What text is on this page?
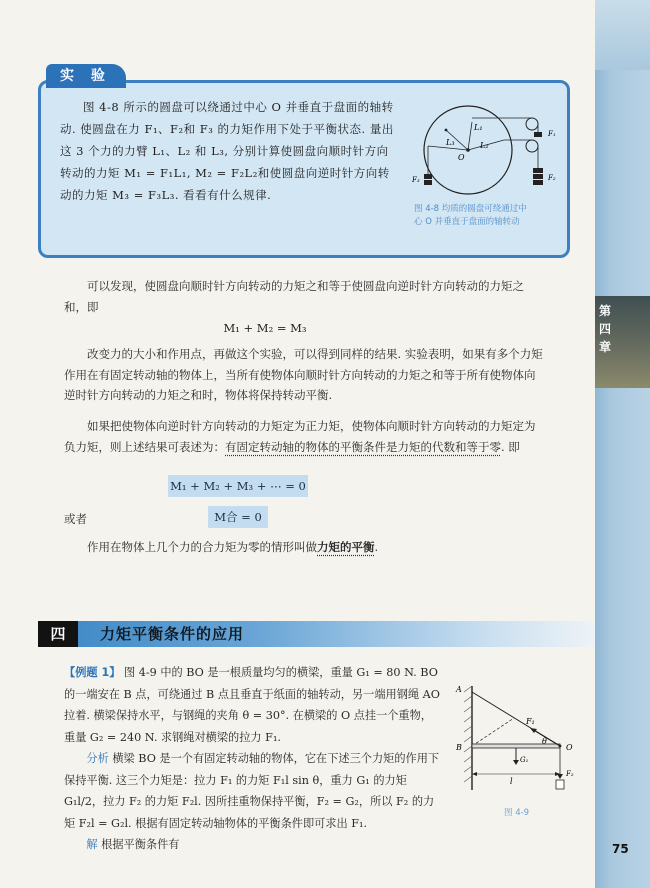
第
四
章
实 验

图 4-8 所示的圆盘可以绕通过中心 O 并垂直于盘面的轴转动. 使圆盘在力 F₁、F₂和 F₃ 的力矩作用下处于平衡状态. 量出这 3 个力的力臂 L₁、L₂ 和 L₃, 分别计算使圆盘向顺时针方向转动的力矩 M₁ = F₁L₁, M₂ = F₂L₂和使圆盘向逆时针方向转动的力矩 M₃ = F₃L₃. 看看有什么规律.

L₁
L₂
L₃
O
F₁
F₂
F₃
图 4-8 均质的圆盘可绕通过中
心 O 并垂直于盘面的轴转动
可以发现，使圆盘向顺时针方向转动的力矩之和等于使圆盘向逆时针方向转动的力矩之和，即
M₁ + M₂ = M₃
改变力的大小和作用点，再做这个实验，可以得到同样的结果. 实验表明，如果有多个力矩作用在有固定转动轴的物体上，当所有使物体向顺时针方向转动的力矩之和等于所有使物体向逆时针方向转动的力矩之和时，物体将保持转动平衡.
如果把使物体向逆时针方向转动的力矩定为正力矩，使物体向顺时针方向转动的力矩定为负力矩，则上述结果可表述为：有固定转动轴的物体的平衡条件是力矩的代数和等于零. 即
M₁ + M₂ + M₃ + ⋯ = 0
或者	M合 = 0
作用在物体上几个力的合力矩为零的情形叫做力矩的平衡.
四	力矩平衡条件的应用
【例题 1】 图 4-9 中的 BO 是一根质量均匀的横梁，重量 G₁ = 80 N. BO 的一端安在 B 点，可绕通过 B 点且垂直于纸面的轴转动，另一端用钢绳 AO 拉着. 横梁保持水平，与钢绳的夹角 θ = 30°. 在横梁的 O 点挂一个重物，重量 G₂ = 240 N. 求钢绳对横梁的拉力 F₁.
分析 横梁 BO 是一个有固定转动轴的物体，它在下述三个力矩的作用下保持平衡. 这三个力矩是：拉力 F₁ 的力矩 F₁l sin θ，重力 G₁ 的力矩G₁l/2，拉力 F₂ 的力矩 F₂l. 因所挂重物保持平衡，F₂ = G₂，所以 F₂ 的力矩 F₂l = G₂l. 根据有固定转动轴物体的平衡条件即可求出 F₁.
解 根据平衡条件有
A
B	O
F₁
θ
G₁
l
F₂
图 4-9
75
